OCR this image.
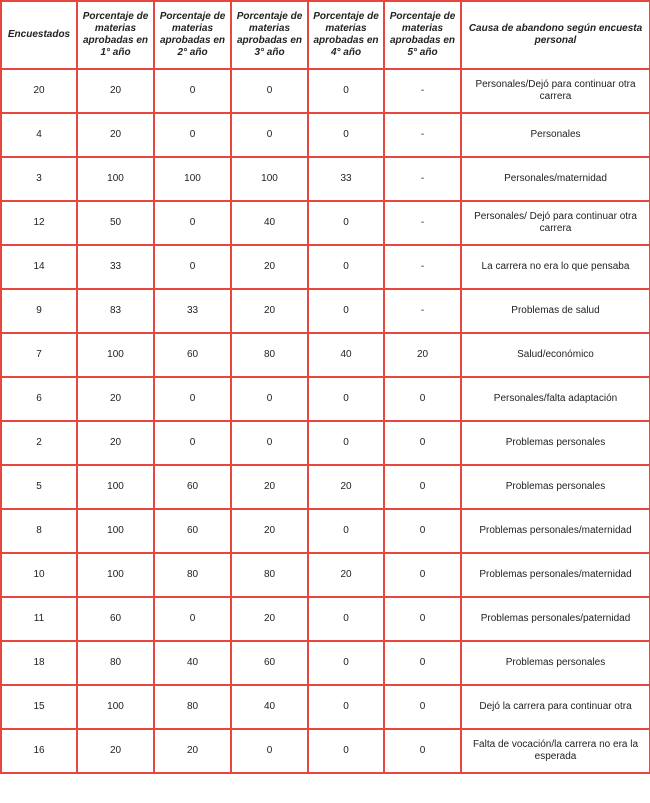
Encuestados	Porcentaje de materias aprobadas en 1° año	Porcentaje de materias aprobadas en 2° año	Porcentaje de materias aprobadas en 3° año	Porcentaje de materias aprobadas en 4° año	Porcentaje de materias aprobadas en 5° año	Causa de abandono según encuesta personal
20	20	0	0	0	-	Personales/Dejó para continuar otra carrera
4	20	0	0	0	-	Personales
3	100	100	100	33	-	Personales/maternidad
12	50	0	40	0	-	Personales/ Dejó para continuar otra carrera
14	33	0	20	0	-	La carrera no era lo que pensaba
9	83	33	20	0	-	Problemas de salud
7	100	60	80	40	20	Salud/económico
6	20	0	0	0	0	Personales/falta adaptación
2	20	0	0	0	0	Problemas personales
5	100	60	20	20	0	Problemas personales
8	100	60	20	0	0	Problemas personales/maternidad
10	100	80	80	20	0	Problemas personales/maternidad
11	60	0	20	0	0	Problemas personales/paternidad
18	80	40	60	0	0	Problemas personales
15	100	80	40	0	0	Dejó la carrera para continuar otra
16	20	20	0	0	0	Falta de vocación/la carrera no era la esperada
